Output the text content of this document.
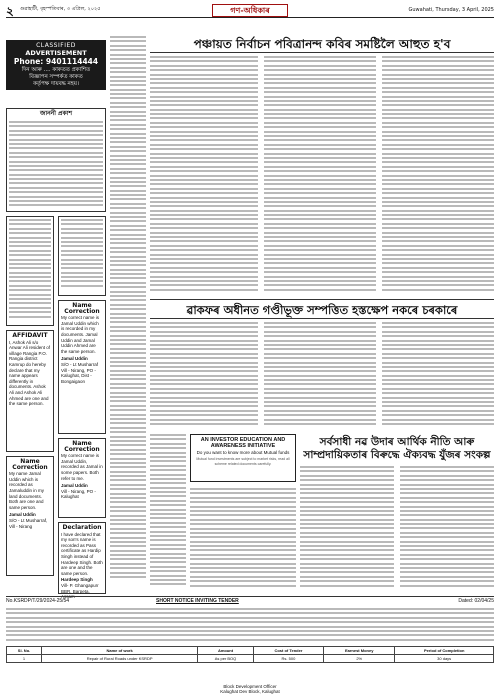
২ গুৱাহাটী, বৃহস্পতিবাৰ, ৩ এপ্ৰিল, ২০২৫	গণ-অধিকাৰ	Guwahati, Thursday, 3 April, 2025
CLASSIFIED
ADVERTISEMENT
Phone: 9401114444
দিন আৰু .... কাকতত প্ৰকাশিত
বিজ্ঞাপন সম্পৰ্কত কাকত
কৰ্তৃপক্ষ দায়বদ্ধ নহয়।
জাননী প্ৰকাশ
AFFIDAVIT
I, Ashok Ali s/o Anwar Ali resident of village Rangia P.O. Rangia district Kamrup do hereby declare that my name appears differently in documents. Ashok Ali and Ashok Ali Ahmed are one and the same person.
Name Correction
My correct name is Jamal Uddin which is recorded in my documents. Jamal Uddin and Jamal Uddin Ahmed are the same person.
Jamal Uddin
S/O - Lt Musharraf Vill - Nirang, PO - Kalughat, Dist - Bongaigaon
Name Correction
My name Jamal Uddin which is recorded as Jamaluddin in my land documents. Both are one and same person.
Jamal Uddin
S/O - Lt Musharraf, Vill - Nirang
Name Correction
My correct name is Jamal Uddin, recorded as Jamal in some papers. Both refer to me.
Jamal Uddin
Vill - Nirang, PO - Kalughat
Declaration
I have declared that my son's name is recorded as Pass certificate as Hardip Singh instead of Hardeep Singh. Both are one and the same person.
Hardeep Singh
Vill- P. Ghangapurr BBR, Barpeta,
পঞ্চায়ত নিৰ্বাচন পবিত্ৰানন্দ কবিৰ সমষ্টিলৈ আহুত হ'ব
ৱাকফৰ অধীনত গণ্ডীভূক্ত সম্পত্তিত হস্তক্ষেপ নকৰে চৰকাৰে
AN INVESTOR EDUCATION AND
AWARENESS INITIATIVE
Do you want to know more about Mutual funds
Mutual fund investments are subject to market risks, read all scheme related documents carefully.
সৰ্বসাধী নৱ উদাৰ আৰ্থিক নীতি আৰু
সাম্প্ৰদায়িকতাৰ বিৰুদ্ধে ঐক্যবদ্ধ যুঁজৰ সংকল্প
No.KSRDP/T/29/2024-25/54	SHORT NOTICE INVITING TENDER	Dated: 02/04/25
Sl. No.	Name of work	Amount	Cost of Tender	Earnest Money	Period of Completion
1	Repair of Rural Roads under KSRDP	As per BOQ	Rs. 500	2%	30 days
Block Development Officer
Kalughat Dev Block, Kalughat
